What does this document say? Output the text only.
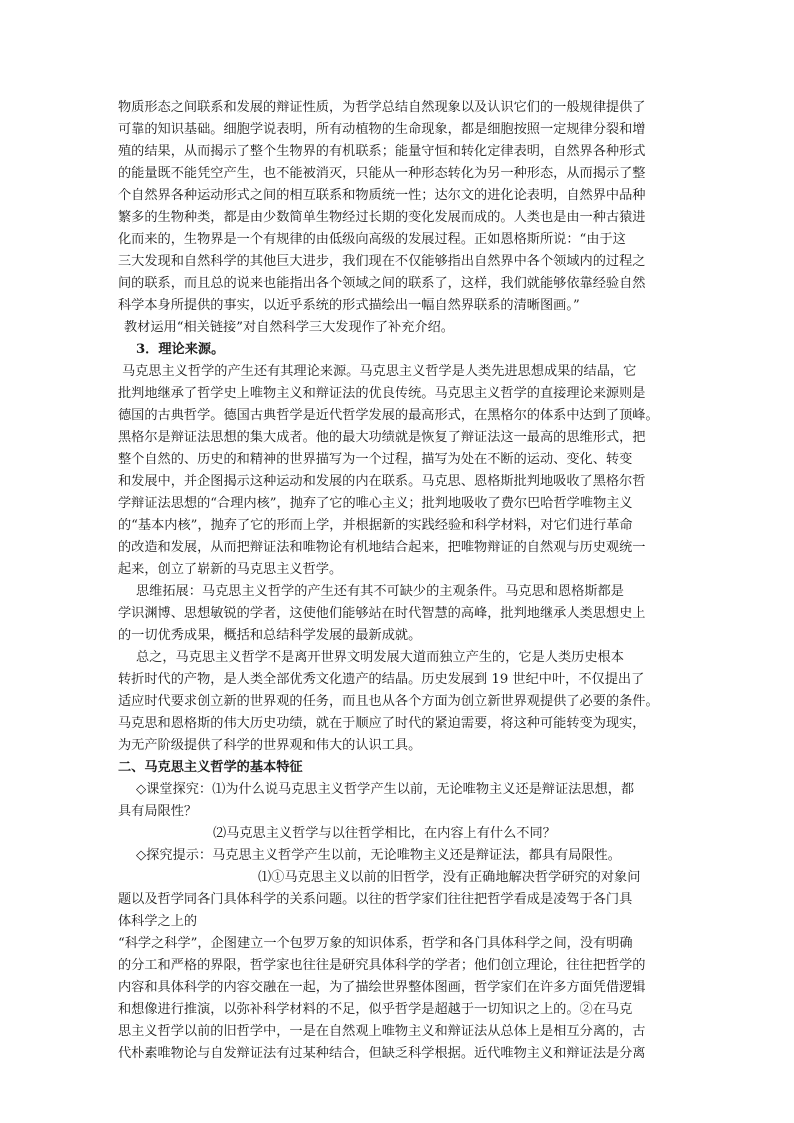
物质形态之间联系和发展的辩证性质，为哲学总结自然现象以及认识它们的一般规律提供了
可靠的知识基础。细胞学说表明，所有动植物的生命现象，都是细胞按照一定规律分裂和增
殖的结果，从而揭示了整个生物界的有机联系；能量守恒和转化定律表明，自然界各种形式
的能量既不能凭空产生，也不能被消灭，只能从一种形态转化为另一种形态，从而揭示了整
个自然界各种运动形式之间的相互联系和物质统一性；达尔文的进化论表明，自然界中品种
繁多的生物种类，都是由少数简单生物经过长期的变化发展而成的。人类也是由一种古猿进
化而来的，生物界是一个有规律的由低级向高级的发展过程。正如恩格斯所说：“由于这
三大发现和自然科学的其他巨大进步，我们现在不仅能够指出自然界中各个领域内的过程之
间的联系，而且总的说来也能指出各个领域之间的联系了，这样，我们就能够依靠经验自然
科学本身所提供的事实，以近乎系统的形式描绘出一幅自然界联系的清晰图画。”
教材运用“相关链接”对自然科学三大发现作了补充介绍。
3．理论来源。
马克思主义哲学的产生还有其理论来源。马克思主义哲学是人类先进思想成果的结晶，它
批判地继承了哲学史上唯物主义和辩证法的优良传统。马克思主义哲学的直接理论来源则是
德国的古典哲学。德国古典哲学是近代哲学发展的最高形式，在黑格尔的体系中达到了顶峰。
黑格尔是辩证法思想的集大成者。他的最大功绩就是恢复了辩证法这一最高的思维形式，把
整个自然的、历史的和精神的世界描写为一个过程，描写为处在不断的运动、变化、转变
和发展中，并企图揭示这种运动和发展的内在联系。马克思、恩格斯批判地吸收了黑格尔哲
学辩证法思想的“合理内核”，抛弃了它的唯心主义；批判地吸收了费尔巴哈哲学唯物主义
的“基本内核”，抛弃了它的形而上学，并根据新的实践经验和科学材料，对它们进行革命
的改造和发展，从而把辩证法和唯物论有机地结合起来，把唯物辩证的自然观与历史观统一
起来，创立了崭新的马克思主义哲学。
思维拓展：马克思主义哲学的产生还有其不可缺少的主观条件。马克思和恩格斯都是
学识渊博、思想敏锐的学者，这使他们能够站在时代智慧的高峰，批判地继承人类思想史上
的一切优秀成果，概括和总结科学发展的最新成就。
总之，马克思主义哲学不是离开世界文明发展大道而独立产生的，它是人类历史根本
转折时代的产物，是人类全部优秀文化遗产的结晶。历史发展到 19 世纪中叶，不仅提出了
适应时代要求创立新的世界观的任务，而且也从各个方面为创立新世界观提供了必要的条件。
马克思和恩格斯的伟大历史功绩，就在于顺应了时代的紧迫需要，将这种可能转变为现实，
为无产阶级提供了科学的世界观和伟大的认识工具。
二、马克思主义哲学的基本特征
◇课堂探究：⑴为什么说马克思主义哲学产生以前，无论唯物主义还是辩证法思想，都
具有局限性？
⑵马克思主义哲学与以往哲学相比，在内容上有什么不同？
◇探究提示：马克思主义哲学产生以前，无论唯物主义还是辩证法，都具有局限性。
⑴①马克思主义以前的旧哲学，没有正确地解决哲学研究的对象问
题以及哲学同各门具体科学的关系问题。以往的哲学家们往往把哲学看成是凌驾于各门具
体科学之上的
“科学之科学”，企图建立一个包罗万象的知识体系，哲学和各门具体科学之间，没有明确
的分工和严格的界限，哲学家也往往是研究具体科学的学者；他们创立理论，往往把哲学的
内容和具体科学的内容交融在一起，为了描绘世界整体图画，哲学家们在许多方面凭借逻辑
和想像进行推演，以弥补科学材料的不足，似乎哲学是超越于一切知识之上的。②在马克
思主义哲学以前的旧哲学中，一是在自然观上唯物主义和辩证法从总体上是相互分离的，古
代朴素唯物论与自发辩证法有过某种结合，但缺乏科学根据。近代唯物主义和辩证法是分离
